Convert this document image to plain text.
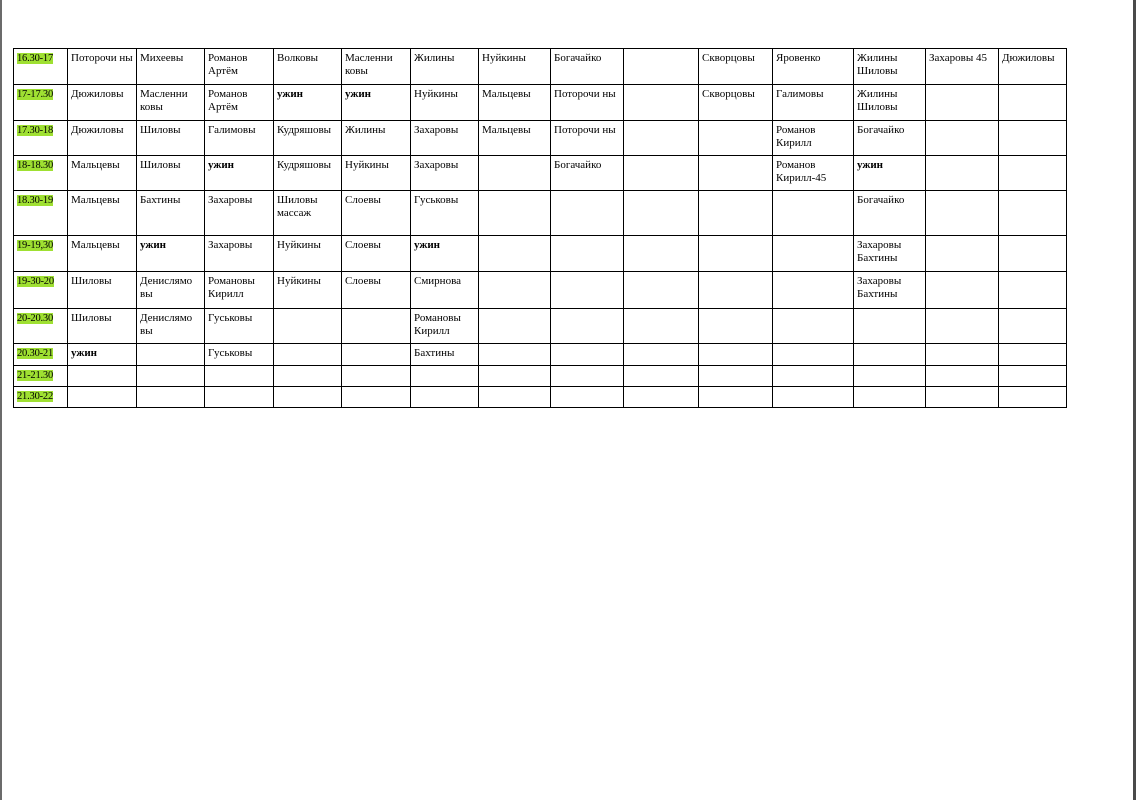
16.30-17	Поторочи ны	Михеевы	Романов Артём	Волковы	Масленни ковы	Жилины	Нуйкины	Богачайко		Скворцовы	Яровенко	Жилины Шиловы	Захаровы 45	Дюжиловы
17-17.30	Дюжиловы	Масленни ковы	Романов Артём	ужин	ужин	Нуйкины	Мальцевы	Поторочи ны		Скворцовы	Галимовы	Жилины Шиловы		
17.30-18	Дюжиловы	Шиловы	Галимовы	Кудряшовы	Жилины	Захаровы	Мальцевы	Поторочи ны			Романов Кирилл	Богачайко		
18-18.30	Мальцевы	Шиловы	ужин	Кудряшовы	Нуйкины	Захаровы		Богачайко			Романов Кирилл-45	ужин		
18.30-19	Мальцевы	Бахтины	Захаровы	Шиловы массаж	Слоевы	Гуськовы						Богачайко		
19-19,30	Мальцевы	ужин	Захаровы	Нуйкины	Слоевы	ужин						Захаровы Бахтины		
19-30-20	Шиловы	Денислямо вы	Романовы Кирилл	Нуйкины	Слоевы	Смирнова						Захаровы Бахтины		
20-20.30	Шиловы	Денислямо вы	Гуськовы			Романовы Кирилл								
20.30-21	ужин		Гуськовы			Бахтины								
21-21.30														
21.30-22														
